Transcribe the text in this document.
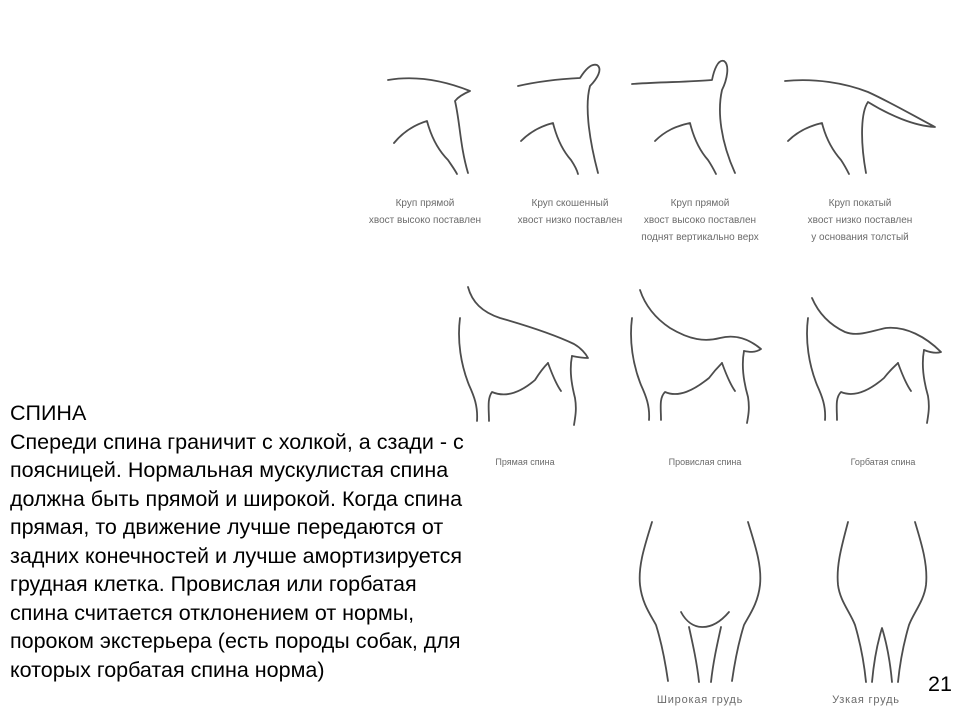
Круп прямой
хвост высоко поставлен
Круп скошенный
хвост низко поставлен
Круп прямой
хвост высоко поставлен
поднят вертикально верх
Круп покатый
хвост низко поставлен
у основания толстый
Прямая спина	Провислая спина	Горбатая спина
Широкая грудь	Узкая грудь
СПИНА
Спереди спина граничит с холкой, а сзади - с
поясницей. Нормальная мускулистая спина
должна быть прямой и широкой. Когда спина
прямая, то движение лучше передаются от
задних конечностей и лучше амортизируется
грудная клетка. Провислая или горбатая
спина считается отклонением от нормы,
пороком экстерьера (есть породы собак, для
которых горбатая спина норма)
21
